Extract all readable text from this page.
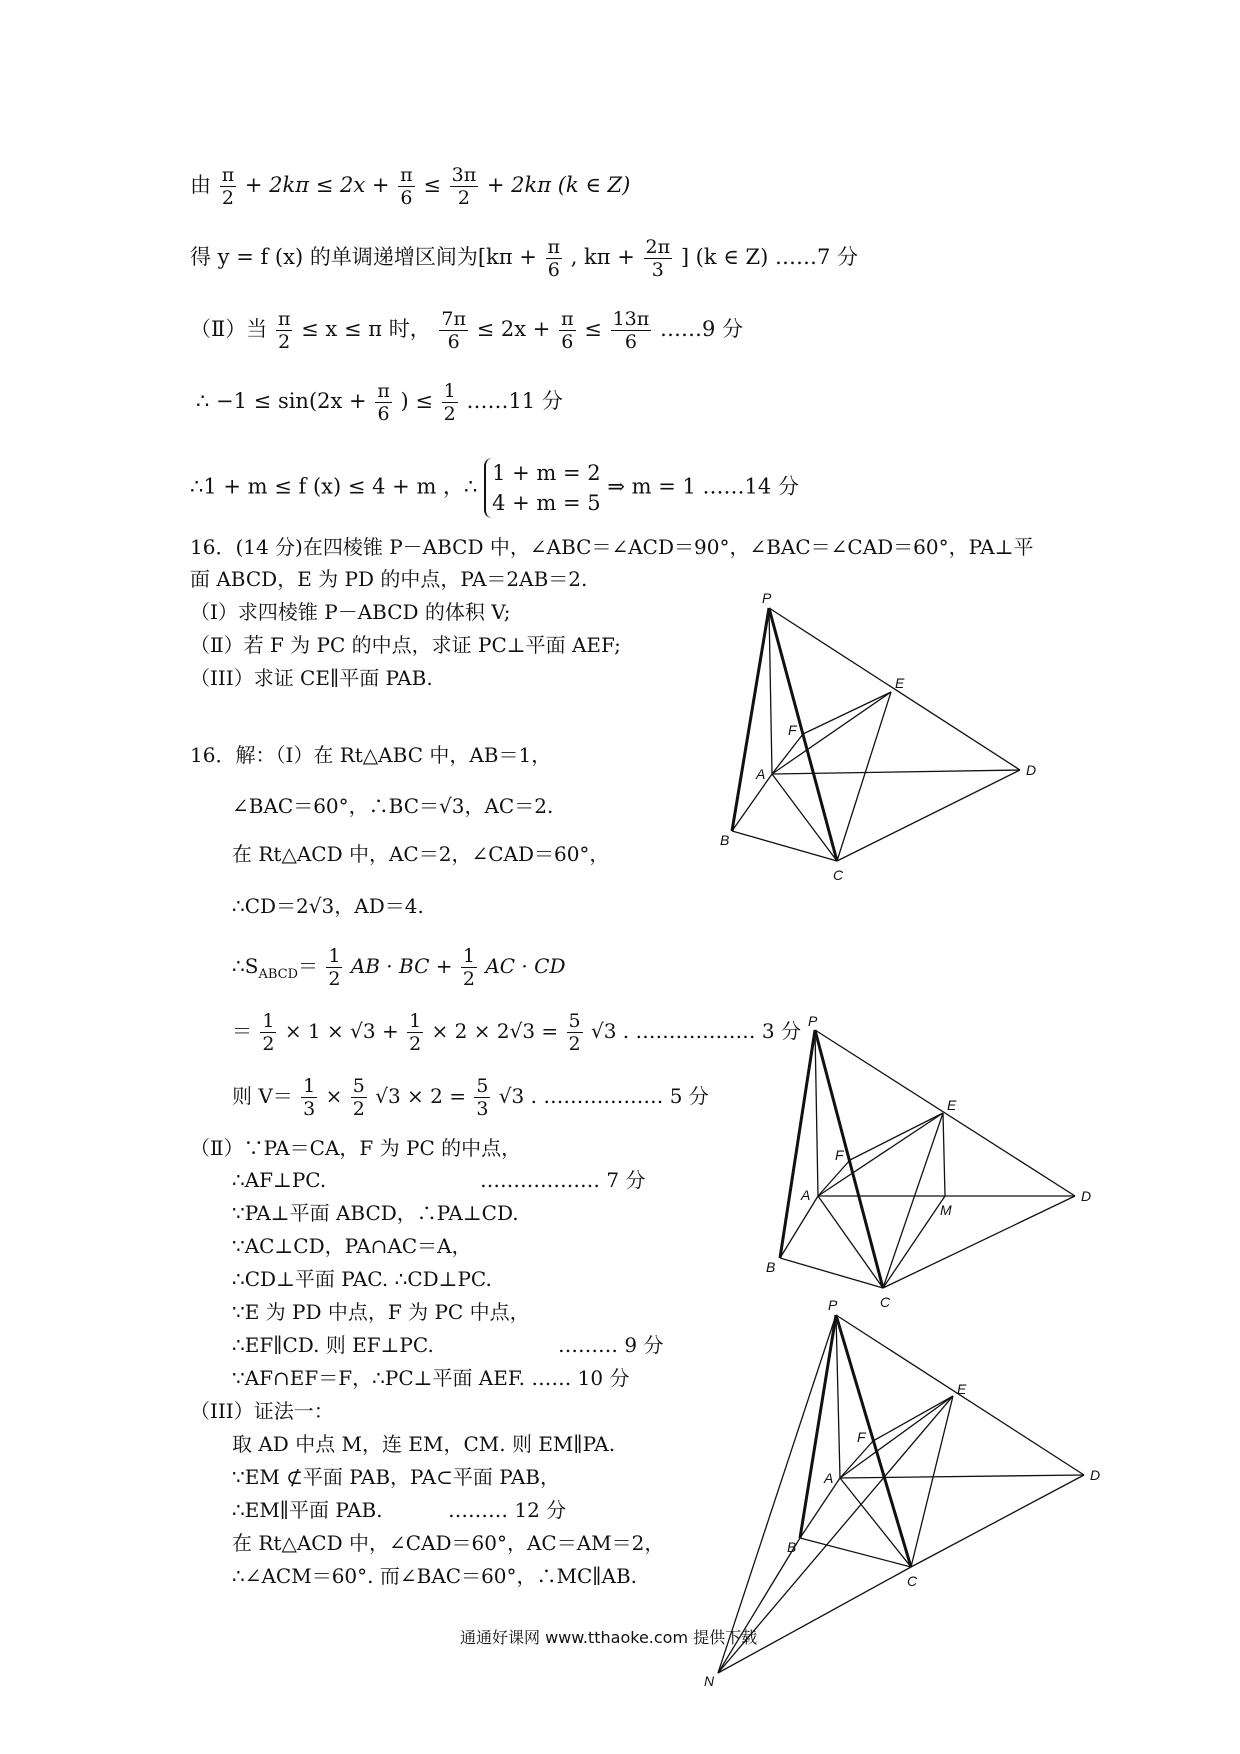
由 $\frac{\pi}{2} + 2k\pi \le 2x + \frac{\pi}{6} \le \frac{3\pi}{2} + 2k\pi$ (k ∈ Z)
得 y = f (x) 的单调递增区间为[$k\pi + \frac{\pi}{6}$ , $k\pi + \frac{2\pi}{3}$ ] (k ∈ Z) ……7 分
（Ⅱ）当 $\frac{\pi}{2} \le x \le \pi$ 时， $\frac{7\pi}{6} \le 2x + \frac{\pi}{6} \le \frac{13\pi}{6}$ ……9 分
∴ $-1 \le \sin(2x + \frac{\pi}{6}$ ) ≤ $\frac{1}{2}$ ……11 分
∴1 + m ≤ f (x) ≤ 4 + m ，∴
1 + m = 2
4 + m = 5
⇒ m = 1 ……14 分
16．(14 分)在四棱锥 P－ABCD 中，∠ABC＝∠ACD＝90°，∠BAC＝∠CAD＝60°，PA⊥平
面 ABCD，E 为 PD 的中点，PA＝2AB＝2.
（Ⅰ）求四棱锥 P－ABCD 的体积 V;
（Ⅱ）若 F 为 PC 的中点，求证 PC⊥平面 AEF;
（III）求证 CE∥平面 PAB.
16．解：（Ⅰ）在 Rt△ABC 中，AB＝1，
∠BAC＝60°，∴BC＝√3，AC＝2.
在 Rt△ACD 中，AC＝2，∠CAD＝60°，
∴CD＝2√3，AD＝4.
$\therefore S_{ABCD}= \frac{1}{2}$ AB · BC + $\frac{1}{2}$ AC · CD
＝ $\frac{1}{2} \times 1 \times √3 + \frac{1}{2} \times 2 \times 2√3 = \frac{5}{2} √3$ . ……………… 3 分
则 $V= \frac{1}{3} \times \frac{5}{2} √3 \times 2 = \frac{5}{3} √3$ . ……………… 5 分
（Ⅱ）∵PA＝CA，F 为 PC 的中点，
∴AF⊥PC.	……………… 7 分
∵PA⊥平面 ABCD，∴PA⊥CD.
∵AC⊥CD，PA∩AC＝A，
∴CD⊥平面 PAC. ∴CD⊥PC.
∵E 为 PD 中点，F 为 PC 中点，
∴EF∥CD. 则 EF⊥PC.	……… 9 分
∵AF∩EF＝F，∴PC⊥平面 AEF. …… 10 分
（III）证法一：
取 AD 中点 M，连 EM，CM. 则 EM∥PA.
∵EM ⊄平面 PAB，PA⊂平面 PAB，
∴EM∥平面 PAB.	……… 12 分
在 Rt△ACD 中，∠CAD＝60°，AC＝AM＝2，
∴∠ACM＝60°. 而∠BAC＝60°，∴MC∥AB.
P
E
F
A	D
B
C
P
E
F
A
M
D
B
C
P
E
F
A	D
B
C
N
通通好课网 www.tthaoke.com 提供下载
